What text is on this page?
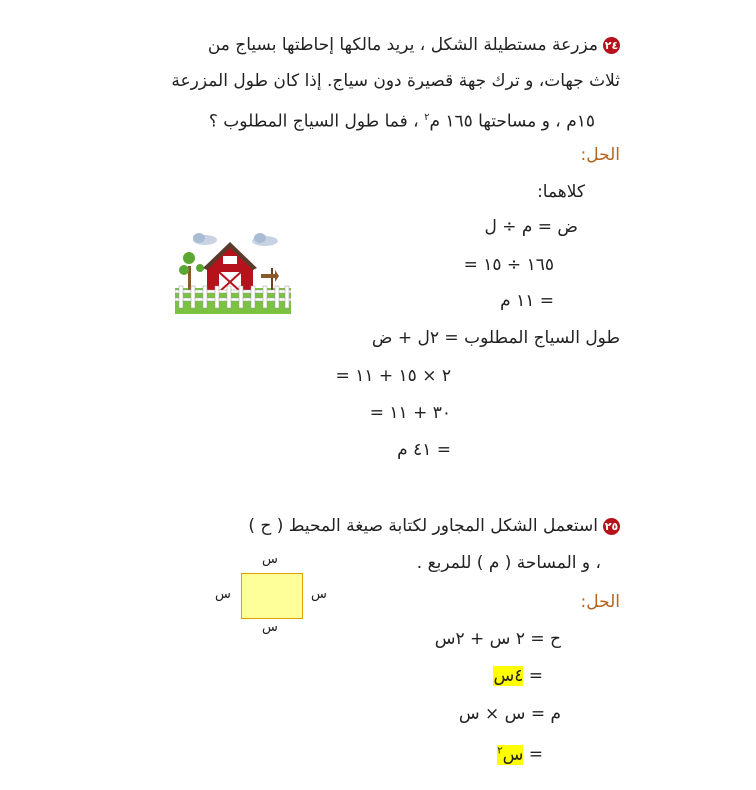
٢٤مزرعة مستطيلة الشكل ، يريد مالكها إحاطتها بسياج من
ثلاث جهات، و ترك جهة قصيرة دون سياج. إذا كان طول المزرعة
١٥م ، و مساحتها ١٦٥ م$^٢$ ، فما طول السياج المطلوب ؟
الحل:
كلاهما:
ض = م ÷ ل
= ١٦٥ ÷ ١٥
= ١١ م
طول السياج المطلوب = ٢ل + ض
= ٢ × ١٥ + ١١
= ٣٠ + ١١
= ٤١ م
٢٥استعمل الشكل المجاور لكتابة صيغة المحيط ( ح )
، و المساحة ( م ) للمربع .
س
س
س	س	الحل:
ح = ٢ س + ٢س
= ٤س
م = س × س
= س$^٢$
